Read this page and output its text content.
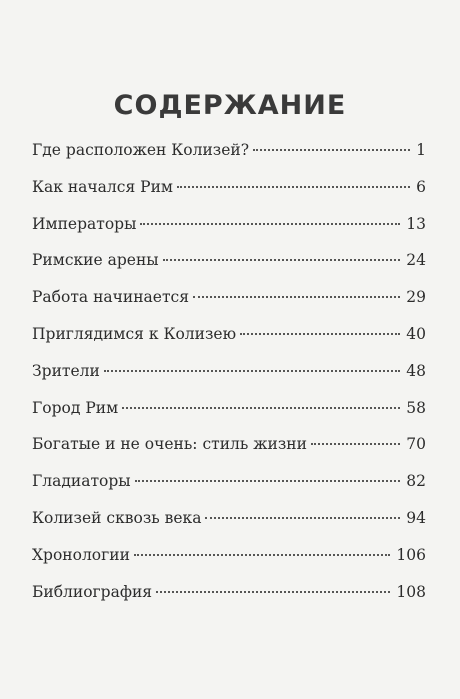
СОДЕРЖАНИЕ
Где расположен Колизей?	1
Как начался Рим	6
Императоры	13
Римские арены	24
Работа начинается	29
Приглядимся к Колизею	40
Зрители	48
Город Рим	58
Богатые и не очень: стиль жизни	70
Гладиаторы	82
Колизей сквозь века	94
Хронологии	106
Библиография	108
